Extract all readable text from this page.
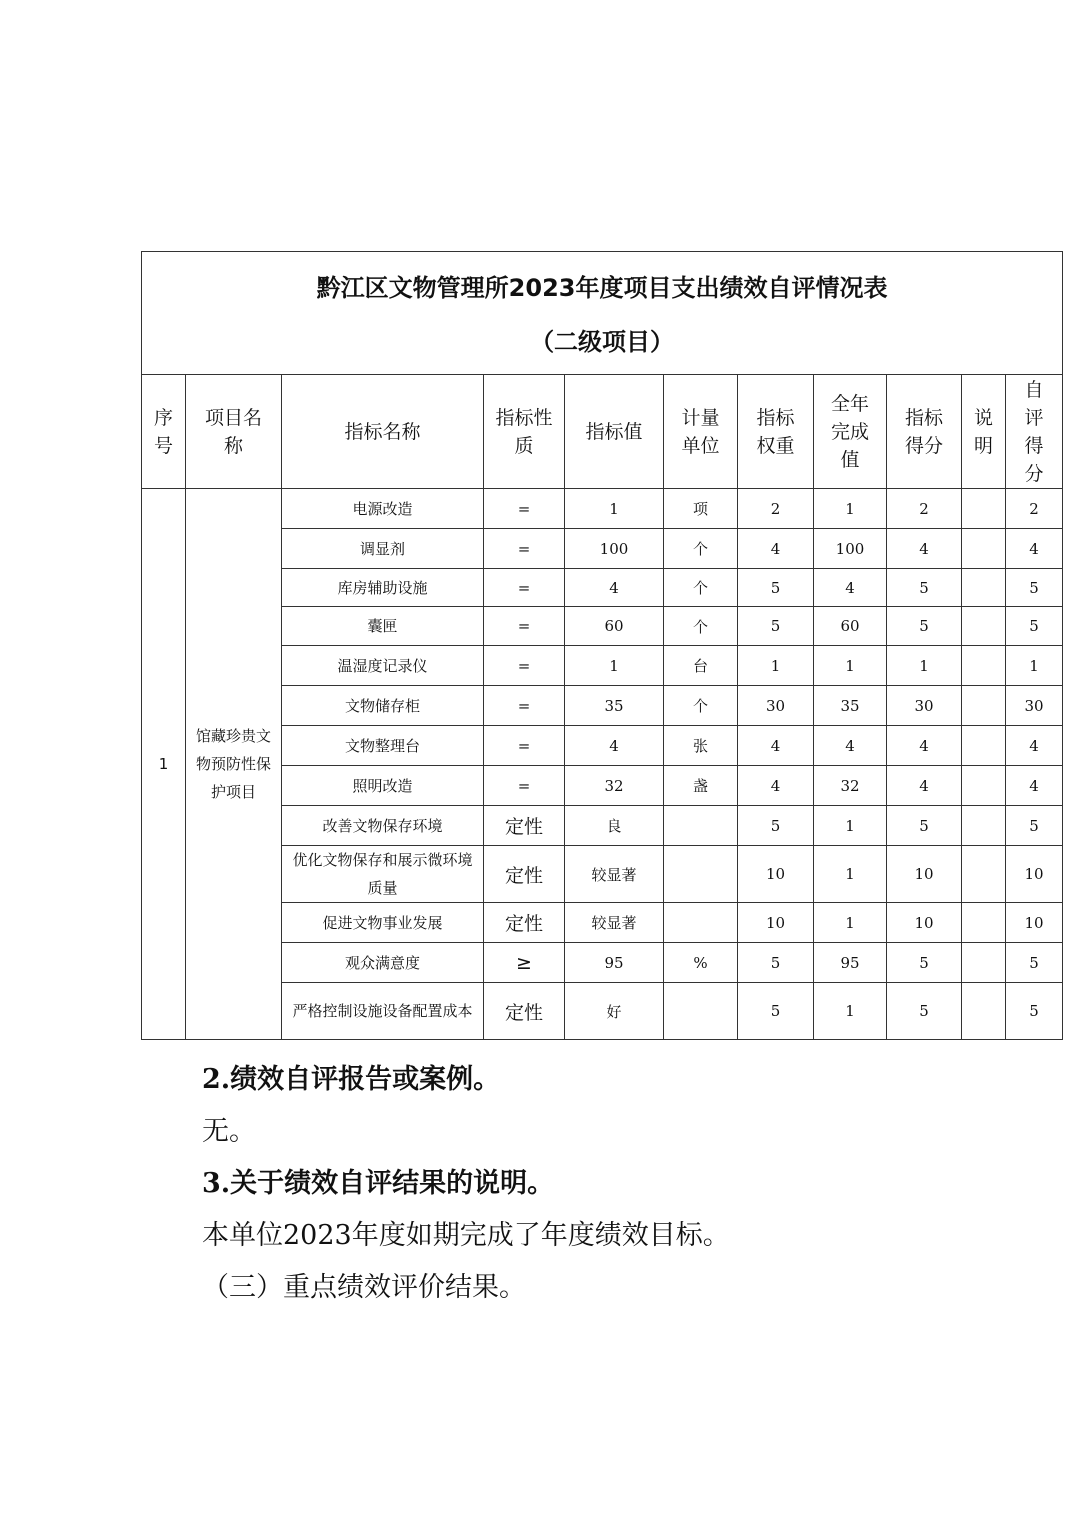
黔江区文物管理所2023年度项目支出绩效自评情况表
（二级项目）										

序号	项目名称	指标名称	指标性质	指标值	计量单位	指标权重	全年完成值	指标得分	说明	自评得分

1	馆藏珍贵文物预防性保护项目	电源改造	=	1	项	2	1	2		2
		调显剂	=	100	个	4	100	4		4
		库房辅助设施	=	4	个	5	4	5		5
		囊匣	=	60	个	5	60	5		5
		温湿度记录仪	=	1	台	1	1	1		1
		文物储存柜	=	35	个	30	35	30		30
		文物整理台	=	4	张	4	4	4		4
		照明改造	=	32	盏	4	32	4		4
		改善文物保存环境	定性	良		5	1	5		5
		优化文物保存和展示微环境质量	定性	较显著		10	1	10		10
		促进文物事业发展	定性	较显著		10	1	10		10
		观众满意度	≥	95	%	5	95	5		5
		严格控制设施设备配置成本	定性	好		5	1	5		5
2.绩效自评报告或案例。
无。
3.关于绩效自评结果的说明。
本单位2023年度如期完成了年度绩效目标。
（三）重点绩效评价结果。
